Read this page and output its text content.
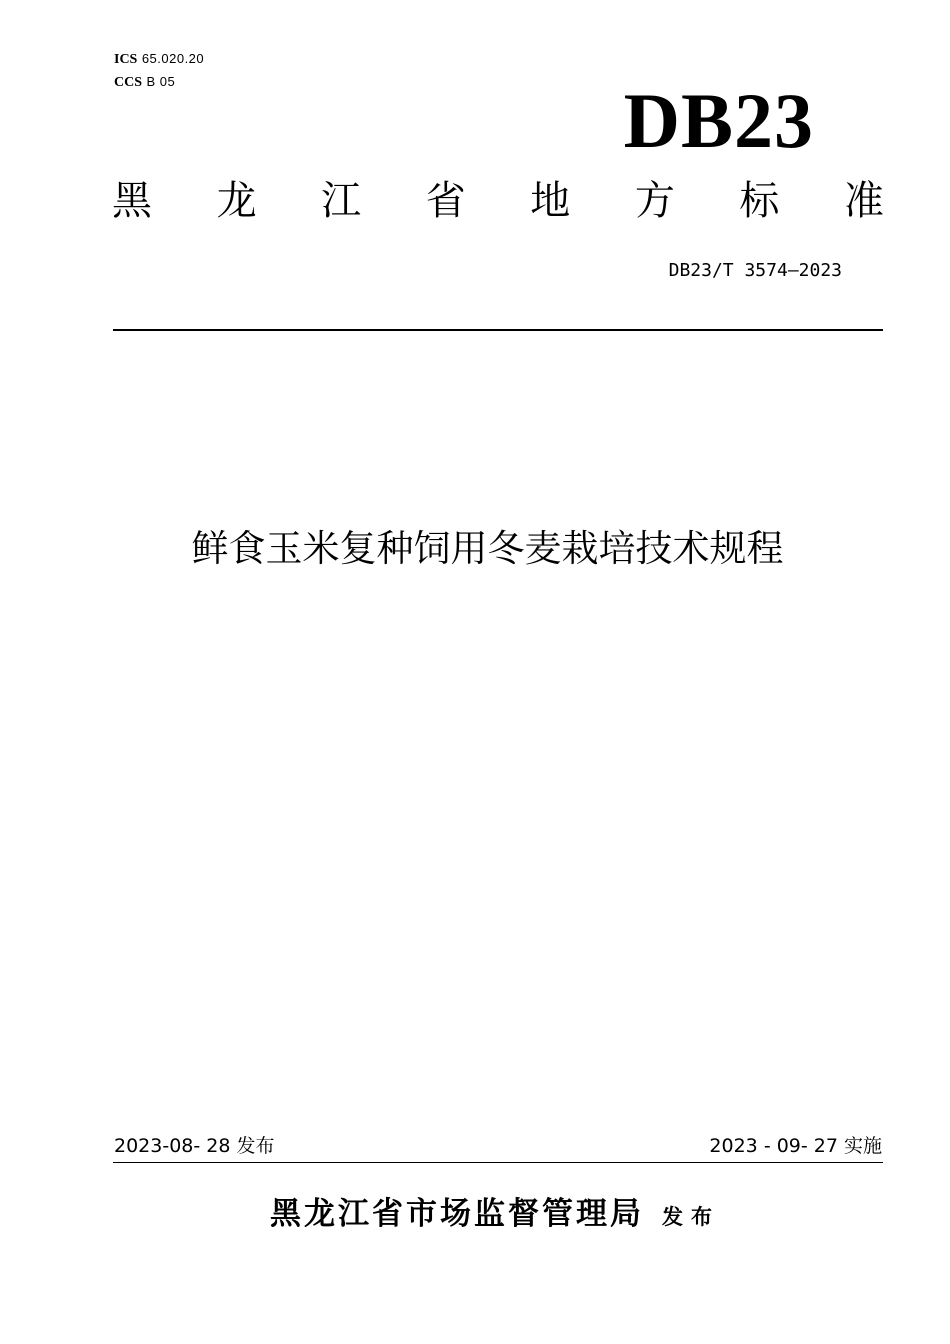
ICS 65.020.20
CCS B 05	DB23
黑 龙 江 省 地 方 标 准
DB23/T 3574—2023
鲜食玉米复种饲用冬麦栽培技术规程
2023-08- 28 发布	2023 - 09- 27 实施
黑龙江省市场监督管理局 发布
